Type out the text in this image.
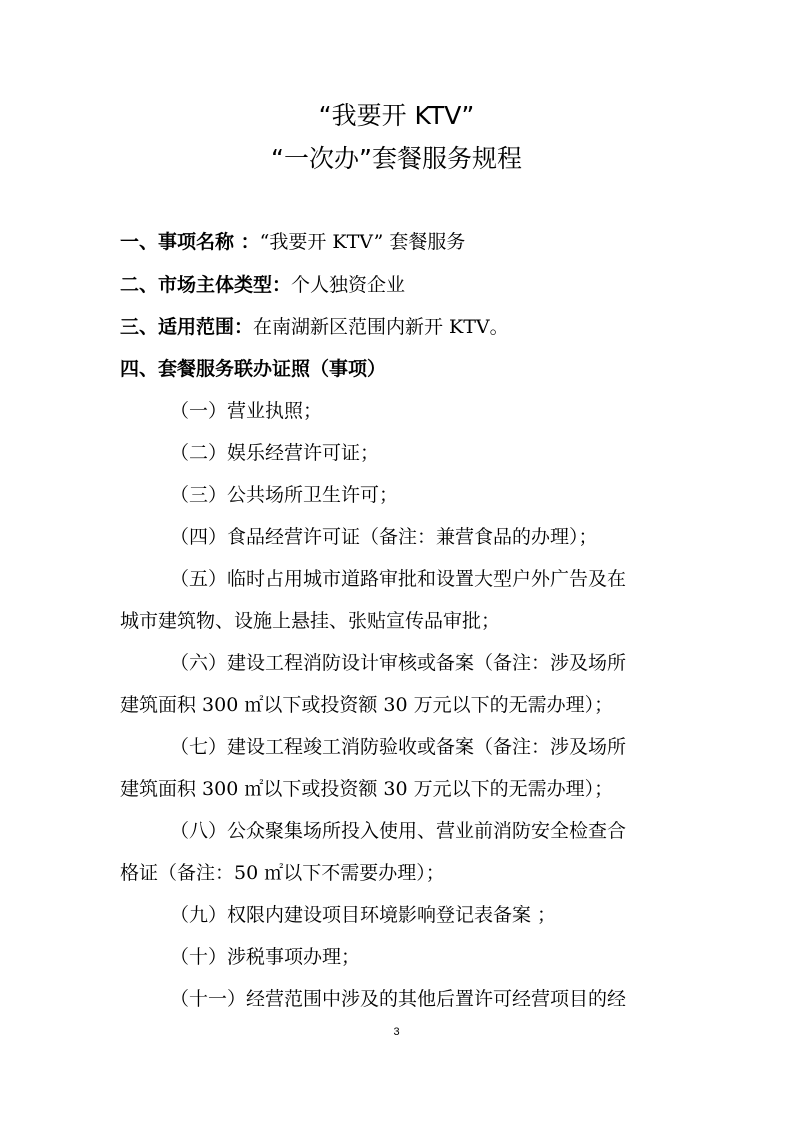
“我要开 KTV”
“一次办”套餐服务规程
一、事项名称 ：“我要开 KTV” 套餐服务
二、市场主体类型：个人独资企业
三、适用范围：在南湖新区范围内新开 KTV。
四、套餐服务联办证照（事项）
（一）营业执照；
（二）娱乐经营许可证；
（三）公共场所卫生许可；
（四）食品经营许可证（备注：兼营食品的办理）；
（五）临时占用城市道路审批和设置大型户外广告及在
城市建筑物、设施上悬挂、张贴宣传品审批；
（六）建设工程消防设计审核或备案（备注：涉及场所
建筑面积 300 ㎡以下或投资额 30 万元以下的无需办理）；
（七）建设工程竣工消防验收或备案（备注：涉及场所
建筑面积 300 ㎡以下或投资额 30 万元以下的无需办理）；
（八）公众聚集场所投入使用、营业前消防安全检查合
格证（备注：50 ㎡以下不需要办理）；
（九）权限内建设项目环境影响登记表备案 ；
（十）涉税事项办理；
（十一）经营范围中涉及的其他后置许可经营项目的经
3
